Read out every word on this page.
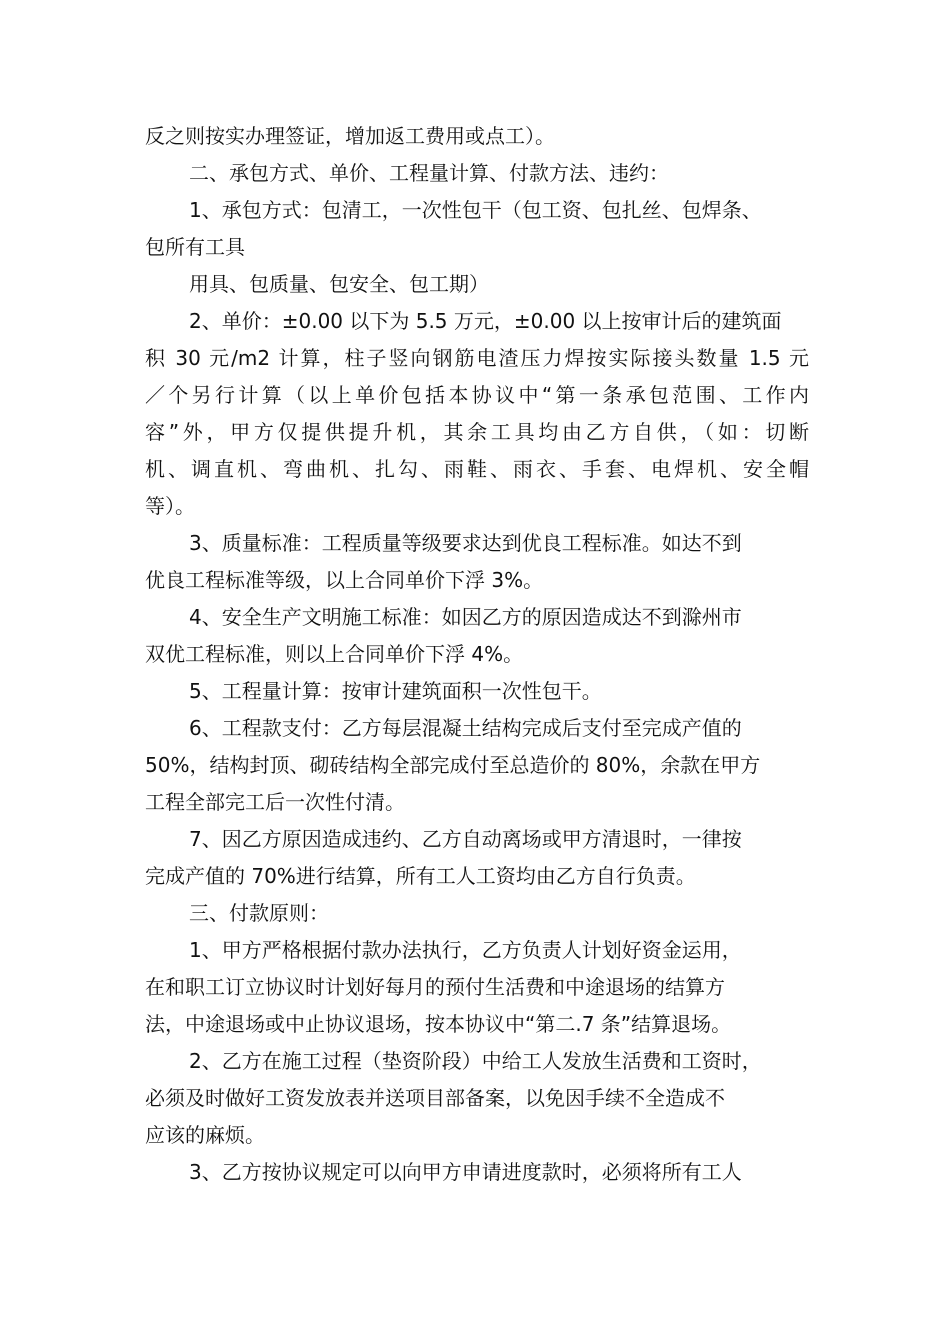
反之则按实办理签证，增加返工费用或点工）。
二、承包方式、单价、工程量计算、付款方法、违约：
1、承包方式：包清工，一次性包干（包工资、包扎丝、包焊条、
包所有工具
用具、包质量、包安全、包工期）
2、单价：±0.00 以下为 5.5 万元，±0.00 以上按审计后的建筑面
积 30 元/m2 计算，柱子竖向钢筋电渣压力焊按实际接头数量 1.5 元
／个另行计算（以上单价包括本协议中“第一条承包范围、工作内
容”外，甲方仅提供提升机，其余工具均由乙方自供，（如：切断
机、调直机、弯曲机、扎勾、雨鞋、雨衣、手套、电焊机、安全帽
等）。
3、质量标准：工程质量等级要求达到优良工程标准。如达不到
优良工程标准等级，以上合同单价下浮 3%。
4、安全生产文明施工标准：如因乙方的原因造成达不到滁州市
双优工程标准，则以上合同单价下浮 4%。
5、工程量计算：按审计建筑面积一次性包干。
6、工程款支付：乙方每层混凝土结构完成后支付至完成产值的
50%，结构封顶、砌砖结构全部完成付至总造价的 80%，余款在甲方
工程全部完工后一次性付清。
7、因乙方原因造成违约、乙方自动离场或甲方清退时，一律按
完成产值的 70%进行结算，所有工人工资均由乙方自行负责。
三、付款原则：
1、甲方严格根据付款办法执行，乙方负责人计划好资金运用，
在和职工订立协议时计划好每月的预付生活费和中途退场的结算方
法，中途退场或中止协议退场，按本协议中“第二.7 条”结算退场。
2、乙方在施工过程（垫资阶段）中给工人发放生活费和工资时，
必须及时做好工资发放表并送项目部备案，以免因手续不全造成不
应该的麻烦。
3、乙方按协议规定可以向甲方申请进度款时，必须将所有工人
